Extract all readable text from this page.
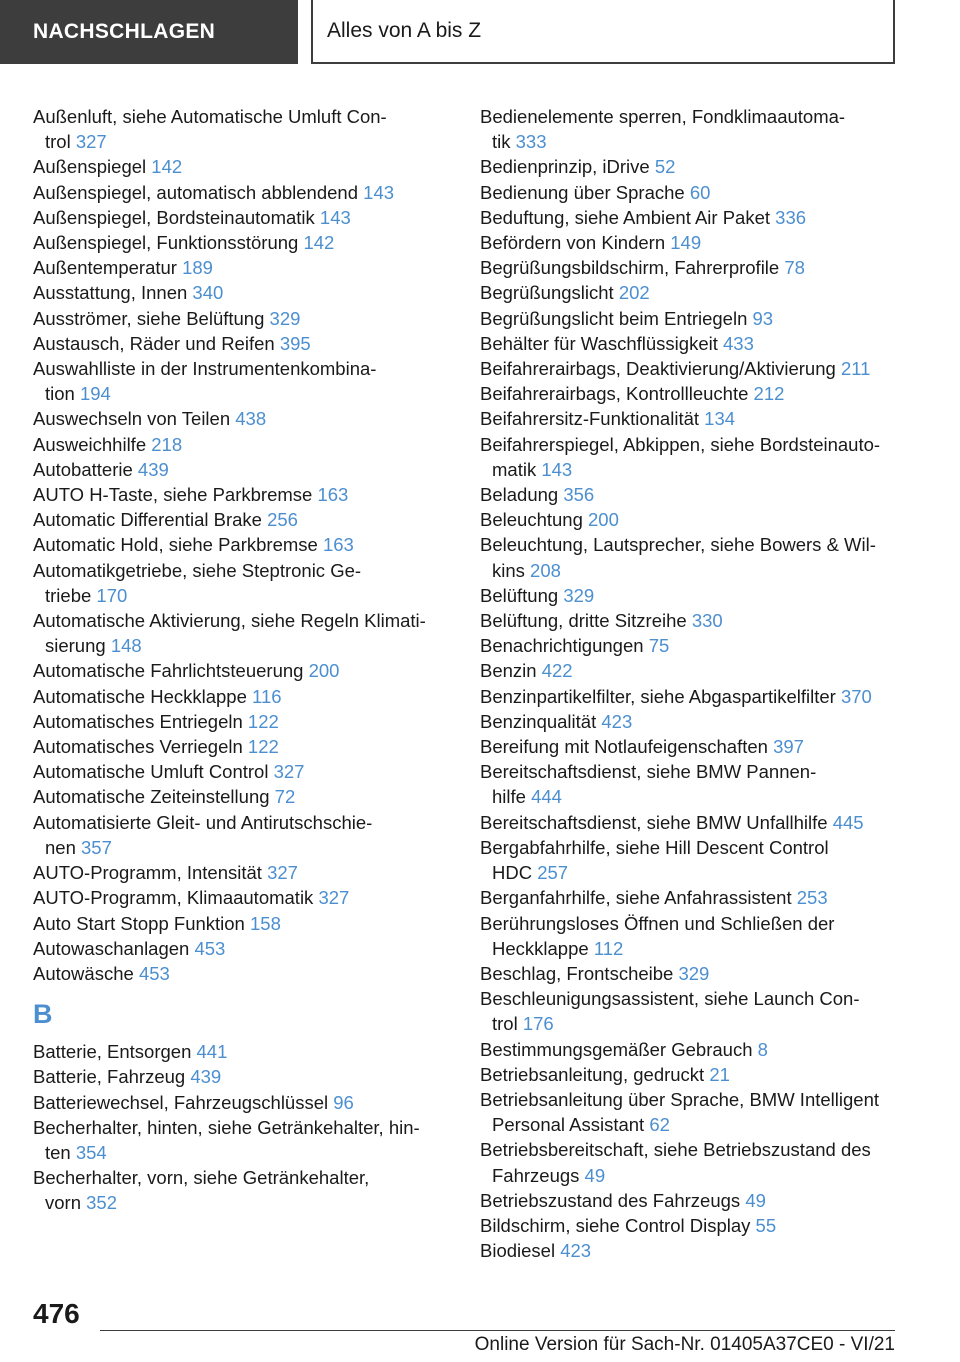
NACHSCHLAGEN	Alles von A bis Z
Außenluft, siehe Automatische Umluft Con-
trol 327
Außenspiegel 142
Außenspiegel, automatisch abblendend 143
Außenspiegel, Bordsteinautomatik 143
Außenspiegel, Funktionsstörung 142
Außentemperatur 189
Ausstattung, Innen 340
Ausströmer, siehe Belüftung 329
Austausch, Räder und Reifen 395
Auswahlliste in der Instrumentenkombina-
tion 194
Auswechseln von Teilen 438
Ausweichhilfe 218
Autobatterie 439
AUTO H-Taste, siehe Parkbremse 163
Automatic Differential Brake 256
Automatic Hold, siehe Parkbremse 163
Automatikgetriebe, siehe Steptronic Ge-
triebe 170
Automatische Aktivierung, siehe Regeln Klimati-
sierung 148
Automatische Fahrlichtsteuerung 200
Automatische Heckklappe 116
Automatisches Entriegeln 122
Automatisches Verriegeln 122
Automatische Umluft Control 327
Automatische Zeiteinstellung 72
Automatisierte Gleit- und Antirutschschie-
nen 357
AUTO-Programm, Intensität 327
AUTO-Programm, Klimaautomatik 327
Auto Start Stopp Funktion 158
Autowaschanlagen 453
Autowäsche 453
B
Batterie, Entsorgen 441
Batterie, Fahrzeug 439
Batteriewechsel, Fahrzeugschlüssel 96
Becherhalter, hinten, siehe Getränkehalter, hin-
ten 354
Becherhalter, vorn, siehe Getränkehalter,
vorn 352
Bedienelemente sperren, Fondklimaautoma-
tik 333
Bedienprinzip, iDrive 52
Bedienung über Sprache 60
Beduftung, siehe Ambient Air Paket 336
Befördern von Kindern 149
Begrüßungsbildschirm, Fahrerprofile 78
Begrüßungslicht 202
Begrüßungslicht beim Entriegeln 93
Behälter für Waschflüssigkeit 433
Beifahrerairbags, Deaktivierung/Aktivierung 211
Beifahrerairbags, Kontrollleuchte 212
Beifahrersitz-Funktionalität 134
Beifahrerspiegel, Abkippen, siehe Bordsteinauto-
matik 143
Beladung 356
Beleuchtung 200
Beleuchtung, Lautsprecher, siehe Bowers & Wil-
kins 208
Belüftung 329
Belüftung, dritte Sitzreihe 330
Benachrichtigungen 75
Benzin 422
Benzinpartikelfilter, siehe Abgaspartikelfilter 370
Benzinqualität 423
Bereifung mit Notlaufeigenschaften 397
Bereitschaftsdienst, siehe BMW Pannen-
hilfe 444
Bereitschaftsdienst, siehe BMW Unfallhilfe 445
Bergabfahrhilfe, siehe Hill Descent Control
HDC 257
Berganfahrhilfe, siehe Anfahrassistent 253
Berührungsloses Öffnen und Schließen der
Heckklappe 112
Beschlag, Frontscheibe 329
Beschleunigungsassistent, siehe Launch Con-
trol 176
Bestimmungsgemäßer Gebrauch 8
Betriebsanleitung, gedruckt 21
Betriebsanleitung über Sprache, BMW Intelligent
Personal Assistant 62
Betriebsbereitschaft, siehe Betriebszustand des
Fahrzeugs 49
Betriebszustand des Fahrzeugs 49
Bildschirm, siehe Control Display 55
Biodiesel 423
476
Online Version für Sach-Nr. 01405A37CE0 - VI/21
